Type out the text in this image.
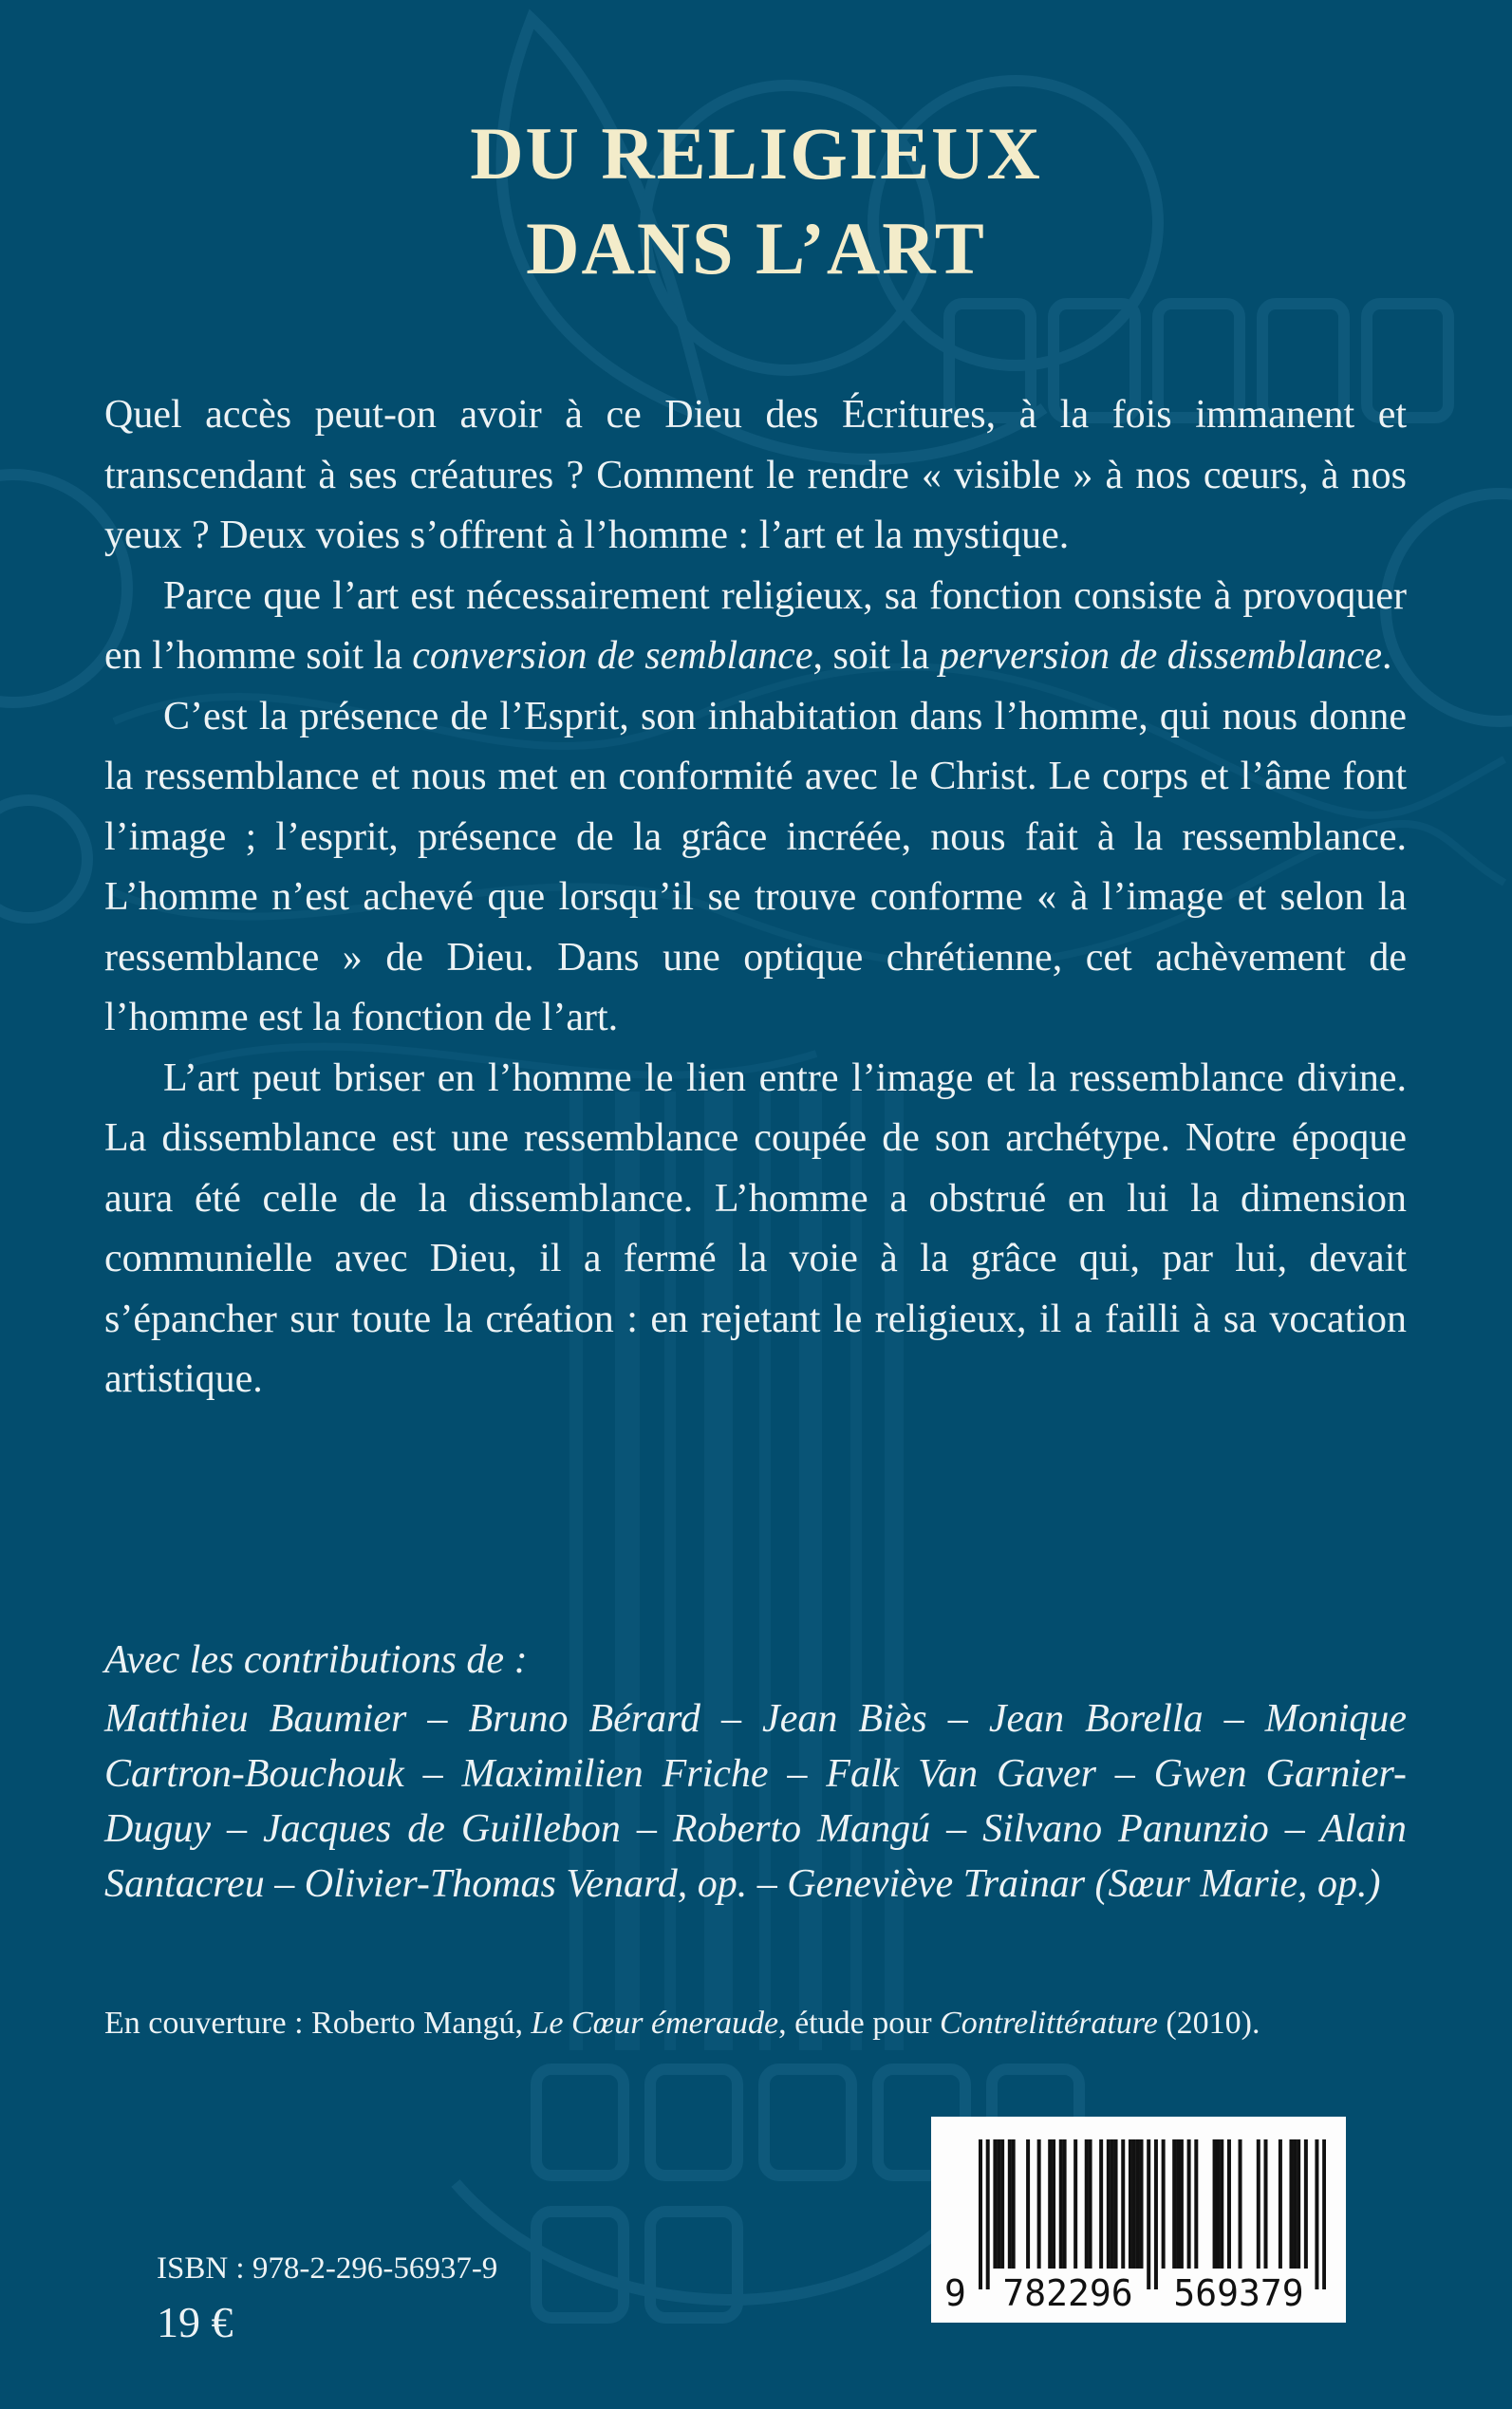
DU RELIGIEUX
DANS L’ART

Quel accès peut-on avoir à ce Dieu des Écritures, à la fois immanent et transcendant à ses créatures ? Comment le rendre « visible » à nos cœurs, à nos yeux ? Deux voies s’offrent à l’homme : l’art et la mystique.

Parce que l’art est nécessairement religieux, sa fonction consiste à provoquer en l’homme soit la conversion de semblance, soit la perversion de dissemblance.

C’est la présence de l’Esprit, son inhabitation dans l’homme, qui nous donne la ressemblance et nous met en conformité avec le Christ. Le corps et l’âme font l’image ; l’esprit, présence de la grâce incréée, nous fait à la ressemblance. L’homme n’est achevé que lorsqu’il se trouve conforme « à l’image et selon la ressemblance » de Dieu. Dans une optique chrétienne, cet achèvement de l’homme est la fonction de l’art.

L’art peut briser en l’homme le lien entre l’image et la ressemblance divine. La dissemblance est une ressemblance coupée de son archétype. Notre époque aura été celle de la dissemblance. L’homme a obstrué en lui la dimension communielle avec Dieu, il a fermé la voie à la grâce qui, par lui, devait s’épancher sur toute la création : en rejetant le religieux, il a failli à sa vocation artistique.

Avec les contributions de :
Matthieu Baumier – Bruno Bérard – Jean Biès – Jean Borella – Monique Cartron-Bouchouk – Maximilien Friche – Falk Van Gaver – Gwen Garnier-Duguy – Jacques de Guillebon – Roberto Mangú – Silvano Panunzio – Alain Santacreu – Olivier-Thomas Venard, op. – Geneviève Trainar (Sœur Marie, op.)
En couverture : Roberto Mangú, Le Cœur émeraude, étude pour Contrelittérature (2010).
9	782296 569379
ISBN : 978-2-296-56937-9
19 €
